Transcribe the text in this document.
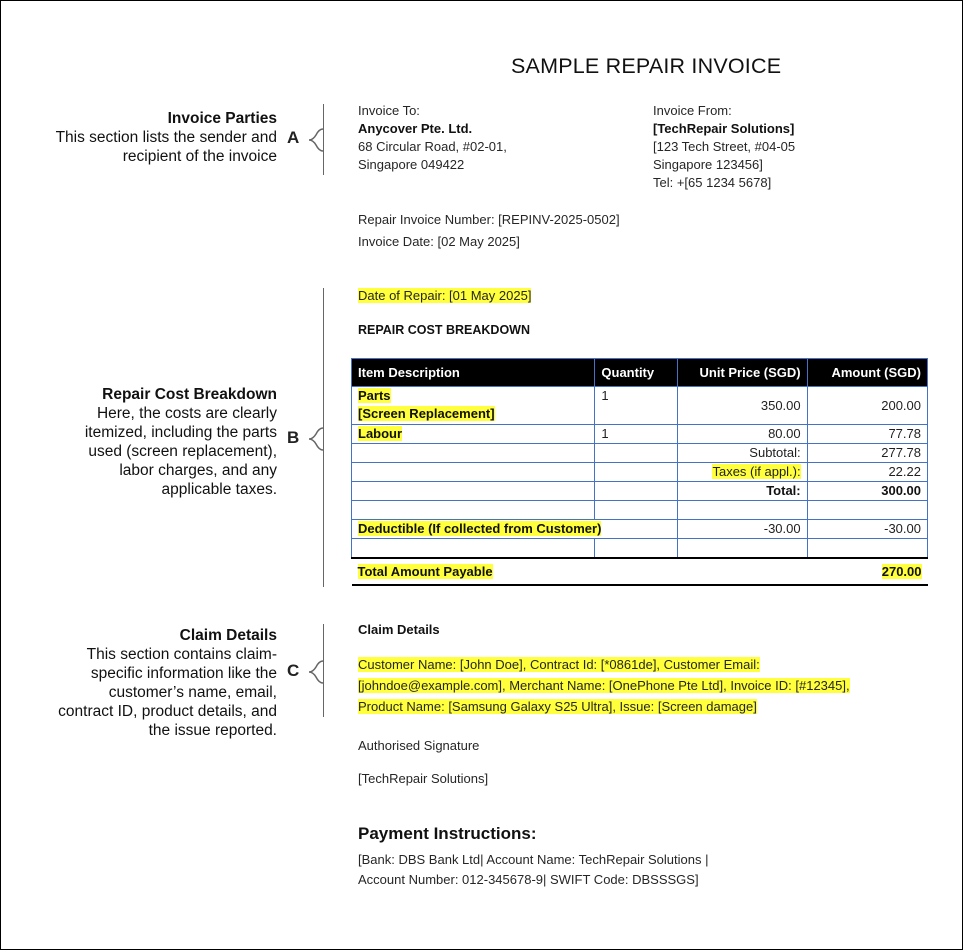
SAMPLE REPAIR INVOICE
Invoice Parties
This section lists the sender and
recipient of the invoice
A
Repair Cost Breakdown
Here, the costs are clearly
itemized, including the parts
used (screen replacement),
labor charges, and any
applicable taxes.
B
Claim Details
This section contains claim-
specific information like the
customer’s name, email,
contract ID, product details, and
the issue reported.
C
Invoice To:
Anycover Pte. Ltd.
68 Circular Road, #02-01,
Singapore 049422
Invoice From:
[TechRepair Solutions]
[123 Tech Street, #04-05
Singapore 123456]
Tel: +[65 1234 5678]
Repair Invoice Number: [REPINV-2025-0502]
Invoice Date: [02 May 2025]
Date of Repair: [01 May 2025]
REPAIR COST BREAKDOWN
Item Description	Quantity	Unit Price (SGD)	Amount (SGD)
Parts
[Screen Replacement]	1	350.00	200.00
Labour	1	80.00	77.78
		Subtotal:	277.78
		Taxes (if appl.):	22.22
		Total:	300.00

Deductible (If collected from Customer)		-30.00	-30.00

Total Amount Payable			270.00
Claim Details
Customer Name: [John Doe], Contract Id: [*0861de], Customer Email:
[johndoe@example.com], Merchant Name: [OnePhone Pte Ltd], Invoice ID: [#12345],
Product Name: [Samsung Galaxy S25 Ultra], Issue: [Screen damage]
Authorised Signature
[TechRepair Solutions]
Payment Instructions:
[Bank: DBS Bank Ltd| Account Name: TechRepair Solutions |
Account Number: 012-345678-9| SWIFT Code: DBSSSGS]
